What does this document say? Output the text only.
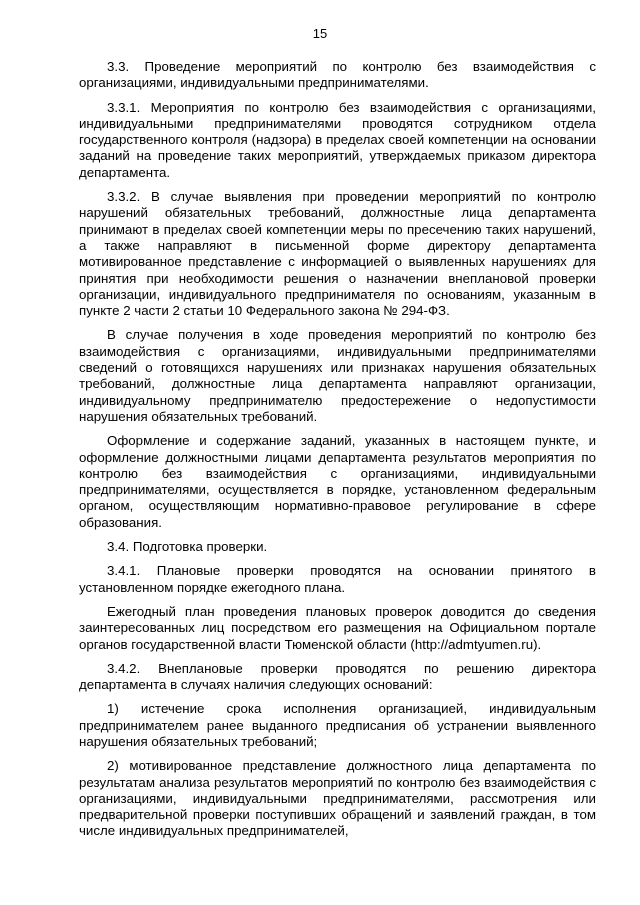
15

3.3. Проведение мероприятий по контролю без взаимодействия с организациями, индивидуальными предпринимателями.

3.3.1. Мероприятия по контролю без взаимодействия с организациями, индивидуальными предпринимателями проводятся сотрудником отдела государственного контроля (надзора) в пределах своей компетенции на основании заданий на проведение таких мероприятий, утверждаемых приказом директора департамента.

3.3.2. В случае выявления при проведении мероприятий по контролю нарушений обязательных требований, должностные лица департамента принимают в пределах своей компетенции меры по пресечению таких нарушений, а также направляют в письменной форме директору департамента мотивированное представление с информацией о выявленных нарушениях для принятия при необходимости решения о назначении внеплановой проверки организации, индивидуального предпринимателя по основаниям, указанным в пункте 2 части 2 статьи 10 Федерального закона № 294-ФЗ.

В случае получения в ходе проведения мероприятий по контролю без взаимодействия с организациями, индивидуальными предпринимателями сведений о готовящихся нарушениях или признаках нарушения обязательных требований, должностные лица департамента направляют организации, индивидуальному предпринимателю предостережение о недопустимости нарушения обязательных требований.

Оформление и содержание заданий, указанных в настоящем пункте, и оформление должностными лицами департамента результатов мероприятия по контролю без взаимодействия с организациями, индивидуальными предпринимателями, осуществляется в порядке, установленном федеральным органом, осуществляющим нормативно-правовое регулирование в сфере образования.

3.4. Подготовка проверки.

3.4.1. Плановые проверки проводятся на основании принятого в установленном порядке ежегодного плана.

Ежегодный план проведения плановых проверок доводится до сведения заинтересованных лиц посредством его размещения на Официальном портале органов государственной власти Тюменской области (http://admtyumen.ru).

3.4.2. Внеплановые проверки проводятся по решению директора департамента в случаях наличия следующих оснований:

1) истечение срока исполнения организацией, индивидуальным предпринимателем ранее выданного предписания об устранении выявленного нарушения обязательных требований;

2) мотивированное представление должностного лица департамента по результатам анализа результатов мероприятий по контролю без взаимодействия с организациями, индивидуальными предпринимателями, рассмотрения или предварительной проверки поступивших обращений и заявлений граждан, в том числе индивидуальных предпринимателей,
